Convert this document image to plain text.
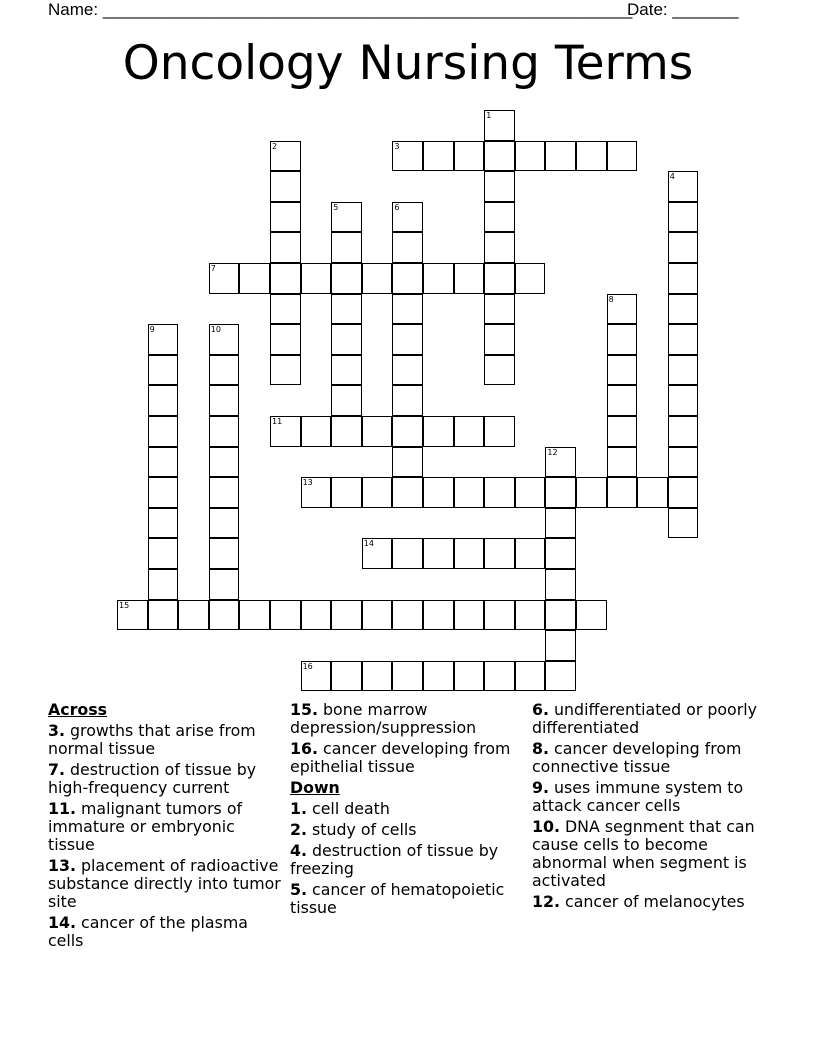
Name: ________________________________________________________
Date: _______
Oncology Nursing Terms
1
2	3
4
5	6
7
8
9	10
11
12
13
14
15
16
Across
3. growths that arise from normal tissue
7. destruction of tissue by high-frequency current
11. malignant tumors of immature or embryonic tissue
13. placement of radioactive substance directly into tumor site
14. cancer of the plasma cells
15. bone marrow depression/suppression
16. cancer developing from epithelial tissue
Down
1. cell death
2. study of cells
4. destruction of tissue by freezing
5. cancer of hematopoietic tissue
6. undifferentiated or poorly differentiated
8. cancer developing from connective tissue
9. uses immune system to attack cancer cells
10. DNA segnment that can cause cells to become abnormal when segment is activated
12. cancer of melanocytes
